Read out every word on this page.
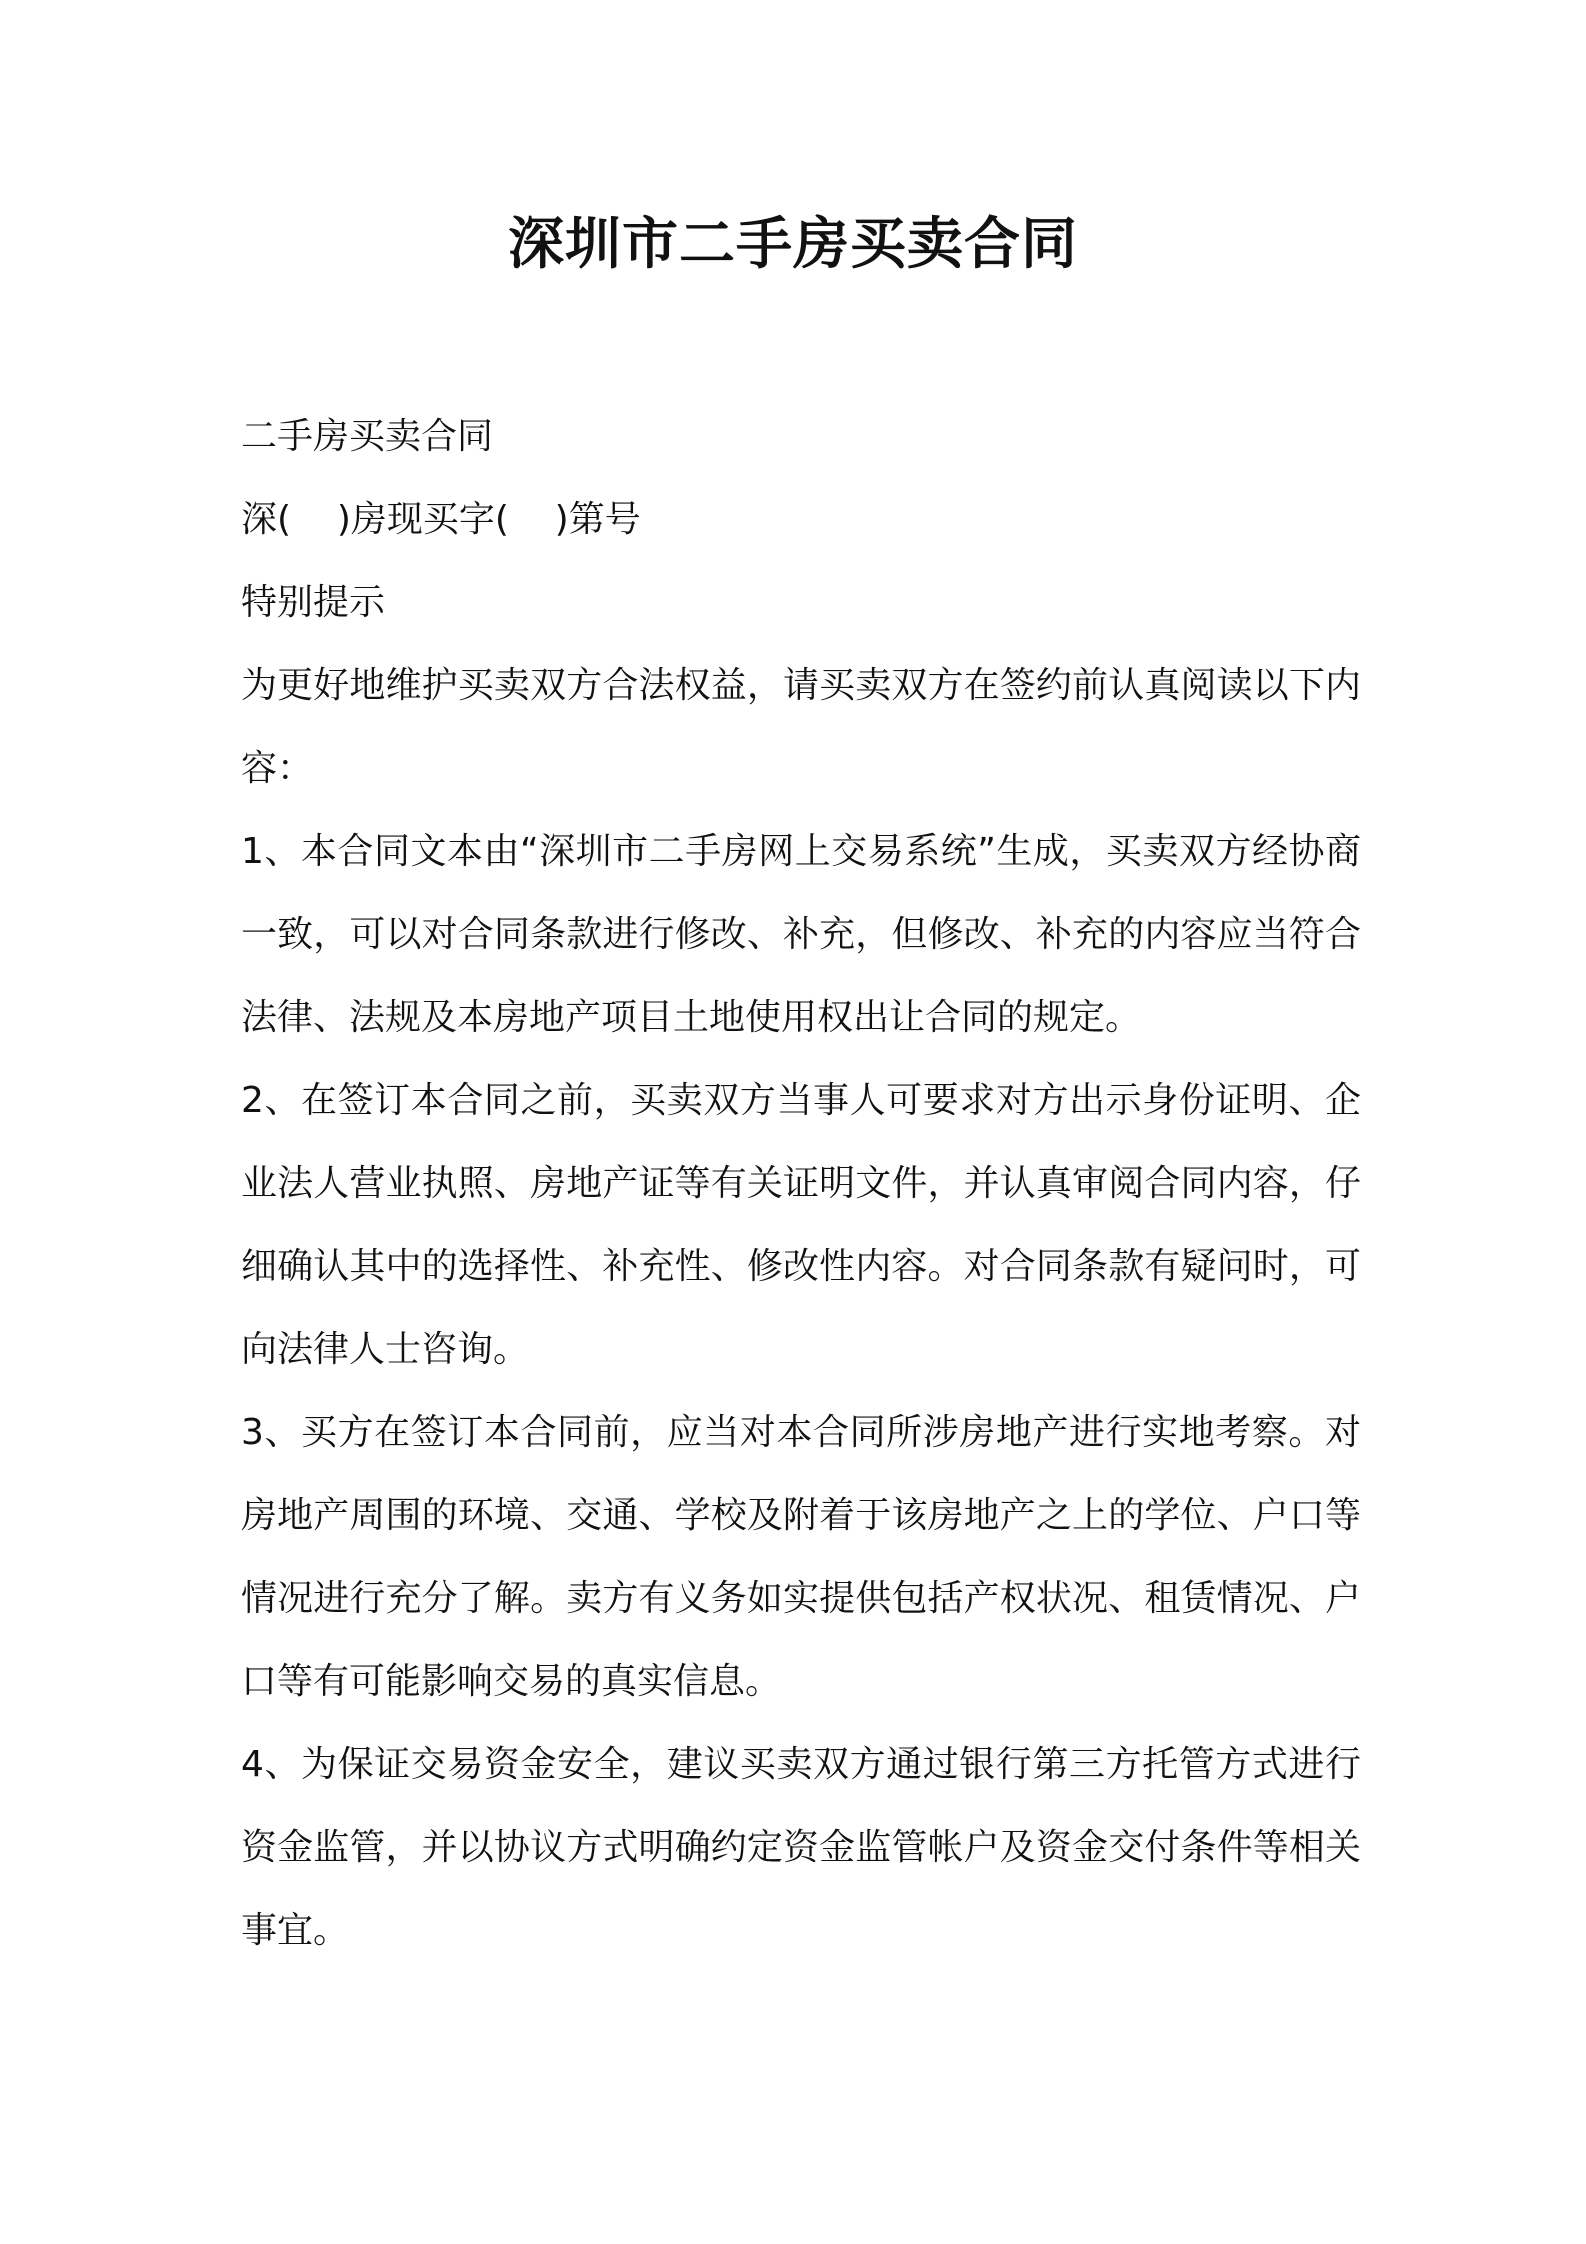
深圳市二手房买卖合同

二手房买卖合同

深(    )房现买字(    )第号

特别提示

为更好地维护买卖双方合法权益，请买卖双方在签约前认真阅读以下内容：

1、本合同文本由“深圳市二手房网上交易系统”生成，买卖双方经协商一致，可以对合同条款进行修改、补充，但修改、补充的内容应当符合法律、法规及本房地产项目土地使用权出让合同的规定。

2、在签订本合同之前，买卖双方当事人可要求对方出示身份证明、企业法人营业执照、房地产证等有关证明文件，并认真审阅合同内容，仔细确认其中的选择性、补充性、修改性内容。对合同条款有疑问时，可向法律人士咨询。

3、买方在签订本合同前，应当对本合同所涉房地产进行实地考察。对房地产周围的环境、交通、学校及附着于该房地产之上的学位、户口等情况进行充分了解。卖方有义务如实提供包括产权状况、租赁情况、户口等有可能影响交易的真实信息。

4、为保证交易资金安全，建议买卖双方通过银行第三方托管方式进行资金监管，并以协议方式明确约定资金监管帐户及资金交付条件等相关事宜。
